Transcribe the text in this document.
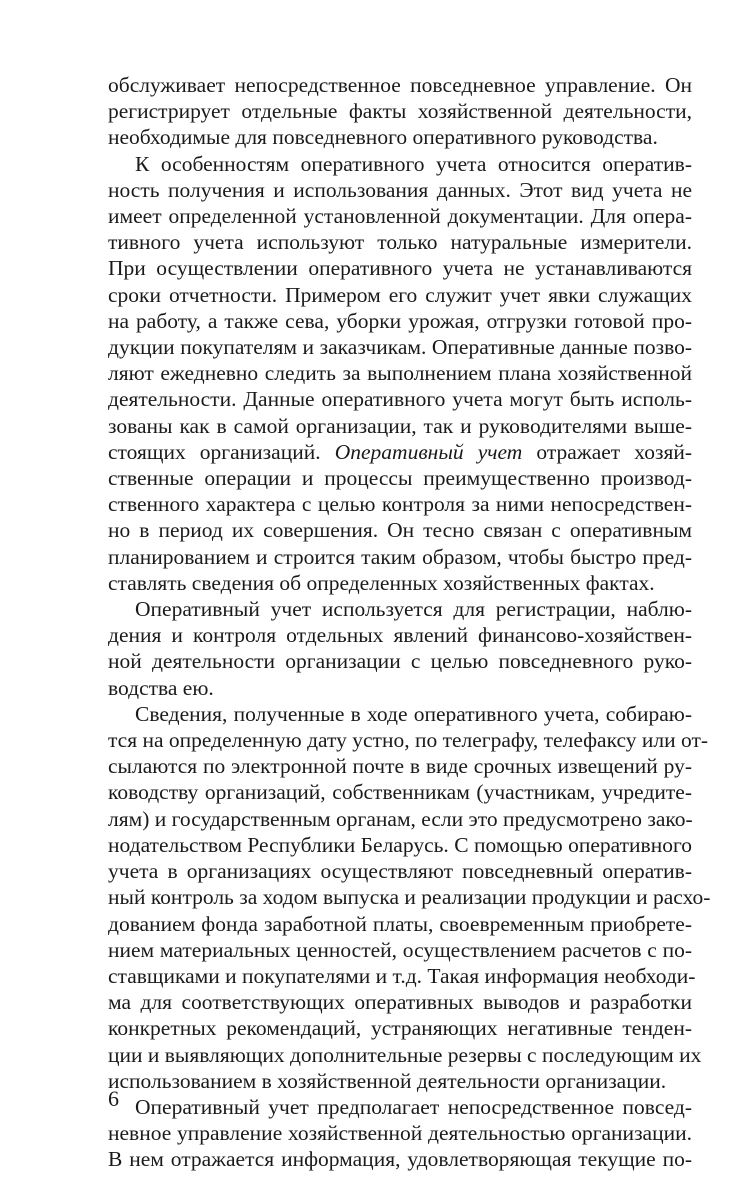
обслуживает непосредственное повседневное управление. Он
регистрирует отдельные факты хозяйственной деятельности,
необходимые для повседневного оперативного руководства.
К особенностям оперативного учета относится оператив-
ность получения и использования данных. Этот вид учета не
имеет определенной установленной документации. Для опера-
тивного учета используют только натуральные измерители.
При осуществлении оперативного учета не устанавливаются
сроки отчетности. Примером его служит учет явки служащих
на работу, а также сева, уборки урожая, отгрузки готовой про-
дукции покупателям и заказчикам. Оперативные данные позво-
ляют ежедневно следить за выполнением плана хозяйственной
деятельности. Данные оперативного учета могут быть исполь-
зованы как в самой организации, так и руководителями выше-
стоящих организаций. Оперативный учет отражает хозяй-
ственные операции и процессы преимущественно производ-
ственного характера с целью контроля за ними непосредствен-
но в период их совершения. Он тесно связан с оперативным
планированием и строится таким образом, чтобы быстро пред-
ставлять сведения об определенных хозяйственных фактах.
Оперативный учет используется для регистрации, наблю-
дения и контроля отдельных явлений финансово-хозяйствен-
ной деятельности организации с целью повседневного руко-
водства ею.
Сведения, полученные в ходе оперативного учета, собираю-
тся на определенную дату устно, по телеграфу, телефаксу или от-
сылаются по электронной почте в виде срочных извещений ру-
ководству организаций, собственникам (участникам, учредите-
лям) и государственным органам, если это предусмотрено зако-
нодательством Республики Беларусь. С помощью оперативного
учета в организациях осуществляют повседневный оператив-
ный контроль за ходом выпуска и реализации продукции и расхо-
дованием фонда заработной платы, своевременным приобрете-
нием материальных ценностей, осуществлением расчетов с по-
ставщиками и покупателями и т.д. Такая информация необходи-
ма для соответствующих оперативных выводов и разработки
конкретных рекомендаций, устраняющих негативные тенден-
ции и выявляющих дополнительные резервы с последующим их
использованием в хозяйственной деятельности организации.
Оперативный учет предполагает непосредственное повсед-
невное управление хозяйственной деятельностью организации.
В нем отражается информация, удовлетворяющая текущие по-
6
